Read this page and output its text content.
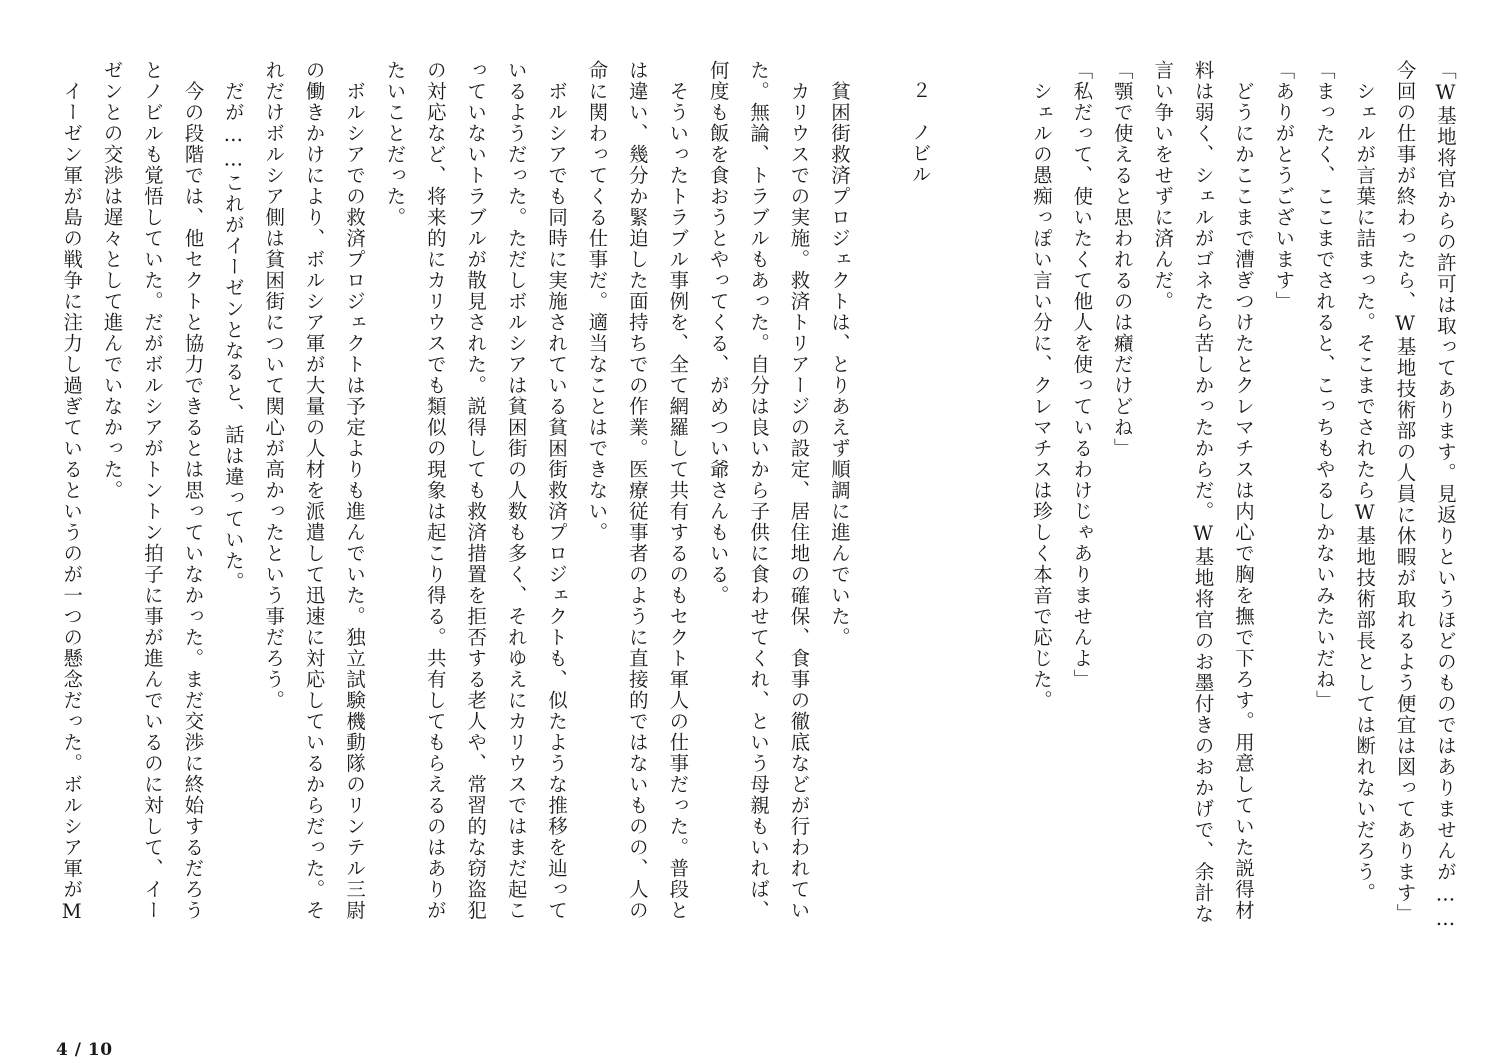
「W基地将官からの許可は取ってあります。見返りというほどのものではありませんが……
今回の仕事が終わったら、W基地技術部の人員に休暇が取れるよう便宜は図ってあります」
　シェルが言葉に詰まった。そこまでされたらW基地技術部長としては断れないだろう。
「まったく、ここまでされると、こっちもやるしかないみたいだね」
「ありがとうございます」
　どうにかここまで漕ぎつけたとクレマチスは内心で胸を撫で下ろす。用意していた説得材
料は弱く、シェルがゴネたら苦しかったからだ。W基地将官のお墨付きのおかげで、余計な
言い争いをせずに済んだ。
「顎で使えると思われるのは癪だけどね」
「私だって、使いたくて他人を使っているわけじゃありませんよ」
　シェルの愚痴っぽい言い分に、クレマチスは珍しく本音で応じた。

２　ノビル

　貧困街救済プロジェクトは、とりあえず順調に進んでいた。
　カリウスでの実施。救済トリアージの設定、居住地の確保、食事の徹底などが行われてい
た。無論、トラブルもあった。自分は良いから子供に食わせてくれ、という母親もいれば、
何度も飯を食おうとやってくる、がめつい爺さんもいる。
　そういったトラブル事例を、全て網羅して共有するのもセクト軍人の仕事だった。普段と
は違い、幾分か緊迫した面持ちでの作業。医療従事者のように直接的ではないものの、人の
命に関わってくる仕事だ。適当なことはできない。
　ボルシアでも同時に実施されている貧困街救済プロジェクトも、似たような推移を辿って
いるようだった。ただしボルシアは貧困街の人数も多く、それゆえにカリウスではまだ起こ
っていないトラブルが散見された。説得しても救済措置を拒否する老人や、常習的な窃盗犯
の対応など、将来的にカリウスでも類似の現象は起こり得る。共有してもらえるのはありが
たいことだった。
　ボルシアでの救済プロジェクトは予定よりも進んでいた。独立試験機動隊のリンテル三尉
の働きかけにより、ボルシア軍が大量の人材を派遣して迅速に対応しているからだった。そ
れだけボルシア側は貧困街について関心が高かったという事だろう。
　だが……これがイーゼンとなると、話は違っていた。
　今の段階では、他セクトと協力できるとは思っていなかった。まだ交渉に終始するだろう
とノビルも覚悟していた。だがボルシアがトントン拍子に事が進んでいるのに対して、イー
ゼンとの交渉は遅々として進んでいなかった。
　イーゼン軍が島の戦争に注力し過ぎているというのが一つの懸念だった。ボルシア軍がM
4 / 10
